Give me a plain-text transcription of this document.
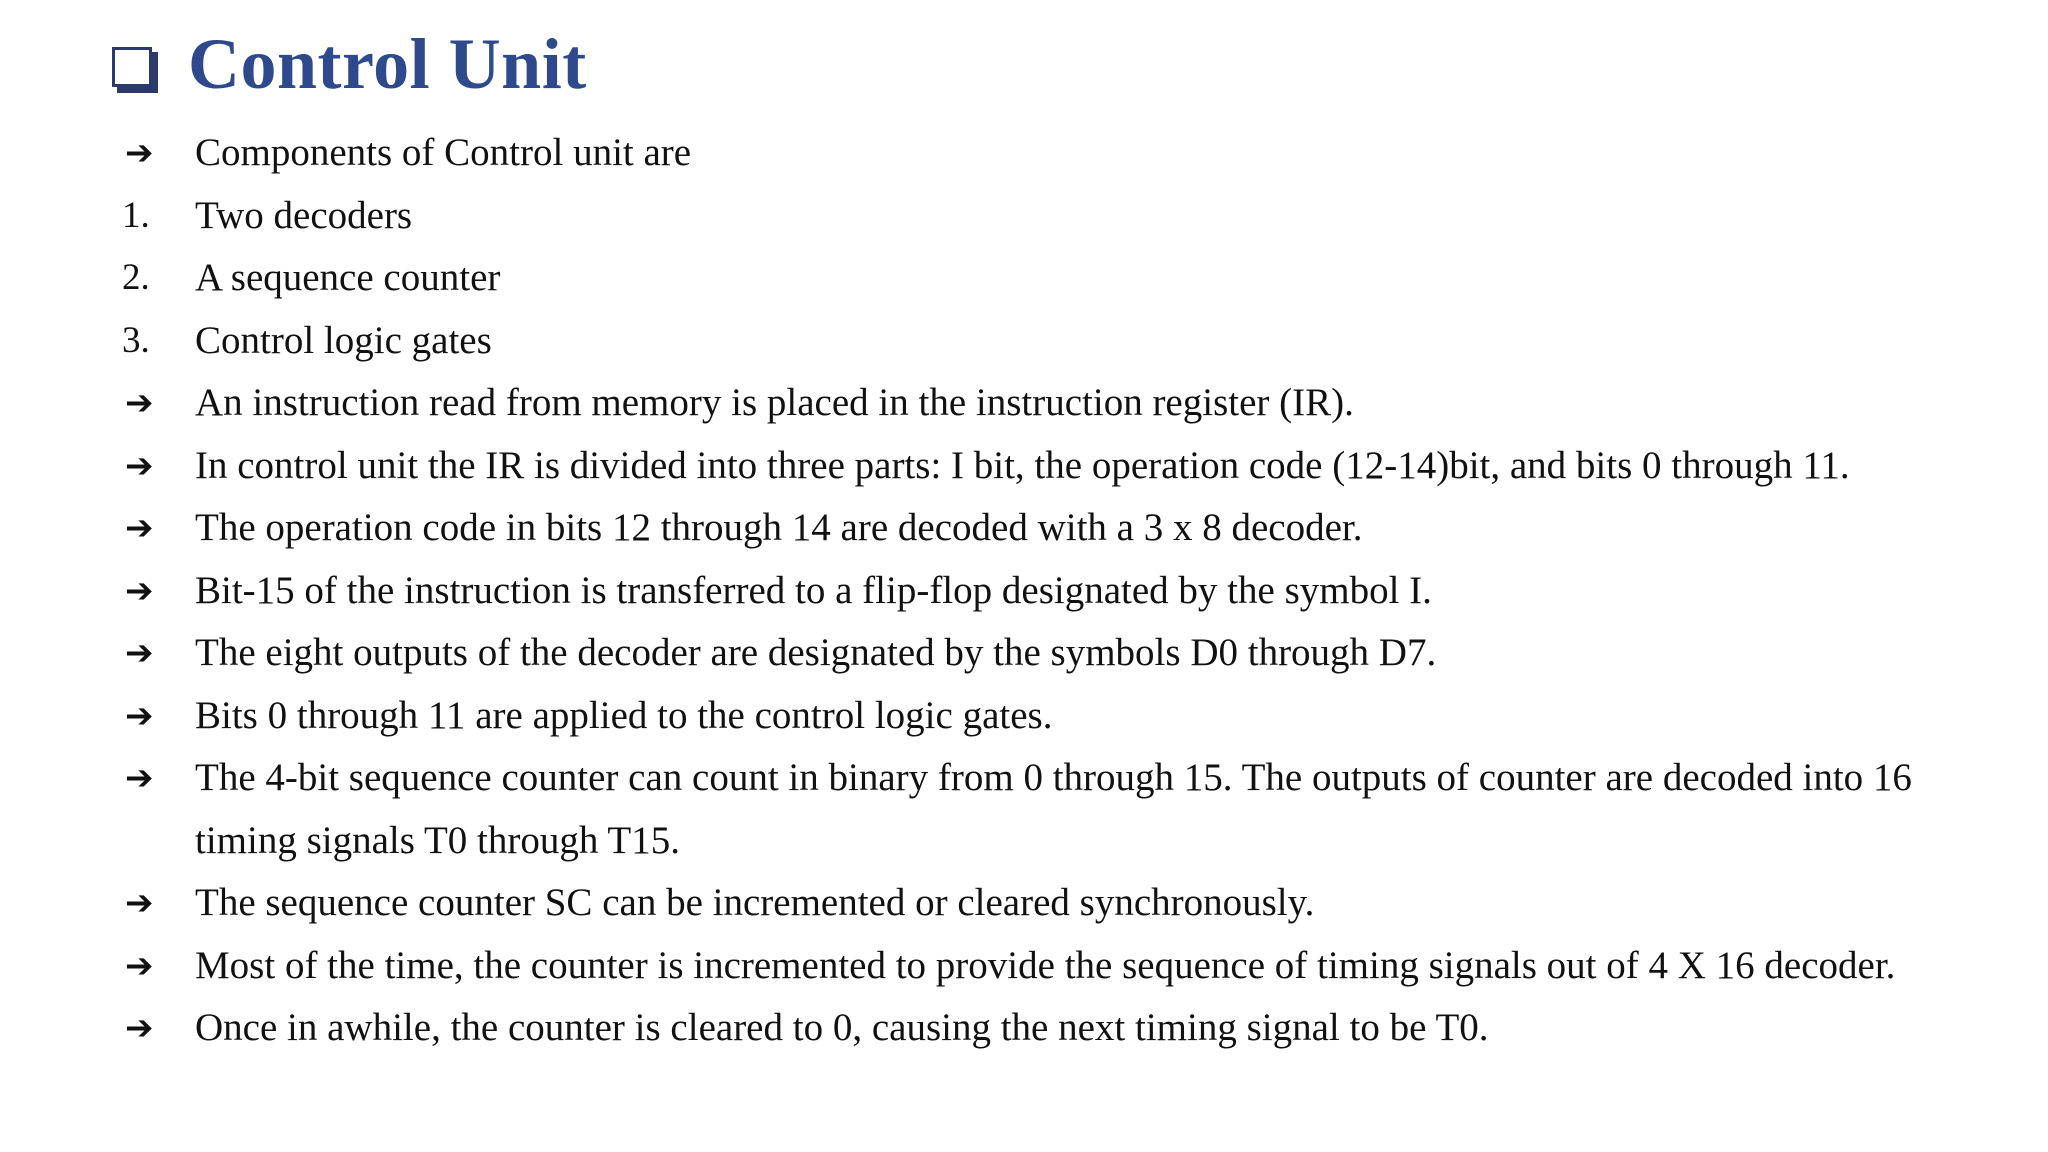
Control Unit
➔	Components of Control unit are
1.	Two decoders
2.	A sequence counter
3.	Control logic gates
➔	An instruction read from memory is placed in the instruction register (IR).
➔	In control unit the IR is divided into three parts: I bit, the operation code (12-14)bit, and bits 0 through 11.
➔	The operation code in bits 12 through 14 are decoded with a 3 x 8 decoder.
➔	Bit-15 of the instruction is transferred to a flip-flop designated by the symbol I.
➔	The eight outputs of the decoder are designated by the symbols D0 through D7.
➔	Bits 0 through 11 are applied to the control logic gates.
➔	The 4-bit sequence counter can count in binary from 0 through 15. The outputs of counter are decoded into 16
timing signals T0 through T15.
➔	The sequence counter SC can be incremented or cleared synchronously.
➔	Most of the time, the counter is incremented to provide the sequence of timing signals out of 4 X 16 decoder.
➔	Once in awhile, the counter is cleared to 0, causing the next timing signal to be T0.
